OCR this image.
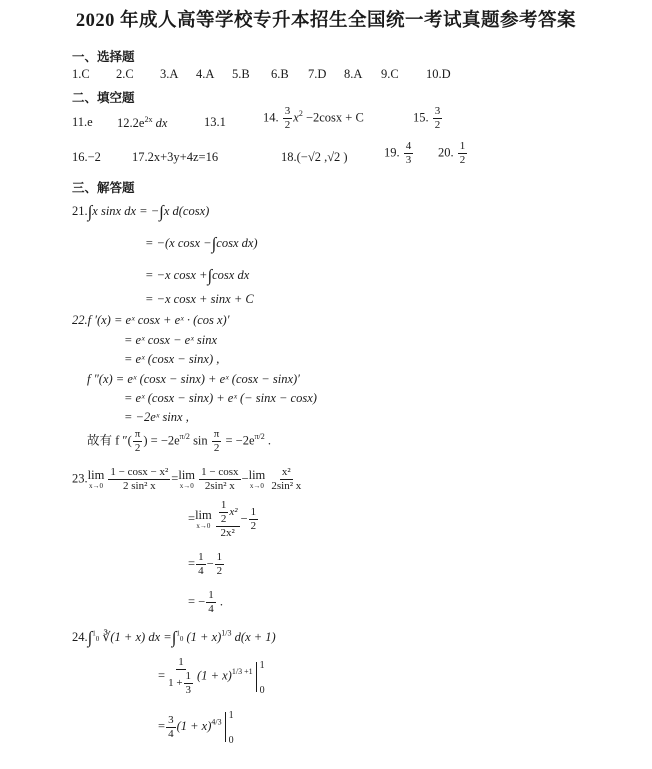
2020 年成人高等学校专升本招生全国统一考试真题参考答案
一、选择题
1.C 2.C 3.A 4.A 5.B 6.B 7.D 8.A 9.C 10.D
二、填空题
11.e $12.2e^{2x}$ dx	13.1	14. $\frac{3}{2} x^2 -2\cos x + C$	15. $\frac{3}{2}$
16.−2 17.2x+3y+4z=16	18.(−√2 ,√2 )	19. $\frac{4}{3} 20$. $\frac{1}{2}$
三、解答题
21.∫x sinx dx = −∫x d(cosx)
= −(x cosx −∫cosx dx)
= −x cosx +∫cosx dx
= −x cosx + sinx + C
22.f ′(x) = eˣ cosx + eˣ · (cos x)′
= eˣ cosx − eˣ sinx
= eˣ (cosx − sinx) ,
f ″(x) = eˣ (cosx − sinx) + eˣ (cosx − sinx)′
= eˣ (cosx − sinx) + eˣ (− sinx − cosx)
= −2eˣ sinx ,
故有 f ″( $\frac{\pi}{2}$ ) = $-2e^{\pi/2}$ $\sin \frac{\pi}{2} = -2e^{\pi/2}$ .
23. lim
x→0
$\frac{\text{1 − cosx − x²}}{\text{2 sin² x}} = \lim$
x→0
$\frac{1 - \cos x}{\text{2sin² x}} - \lim$
x→0
$\frac{\text{x²}}{\text{2sin² x}}$
= lim
x→0
$\frac{\frac{1}{2} x^2}{\text{2x²}} - \frac{1}{2}$
= $\frac{1}{4} - \frac{1}{2}$
= − $\frac{1}{4}$ .
24.∫$^1$0 ∛(1 + x) dx =∫$^1$0 $(1 + x)^{1/3}$ d(x + 1)
= $\frac{1}{1 + \frac{1}{3}} (1 + x)^{1/3 +1}$
1
0
= $\frac{3}{4} (1 + x)^{4/3}$
1
0
